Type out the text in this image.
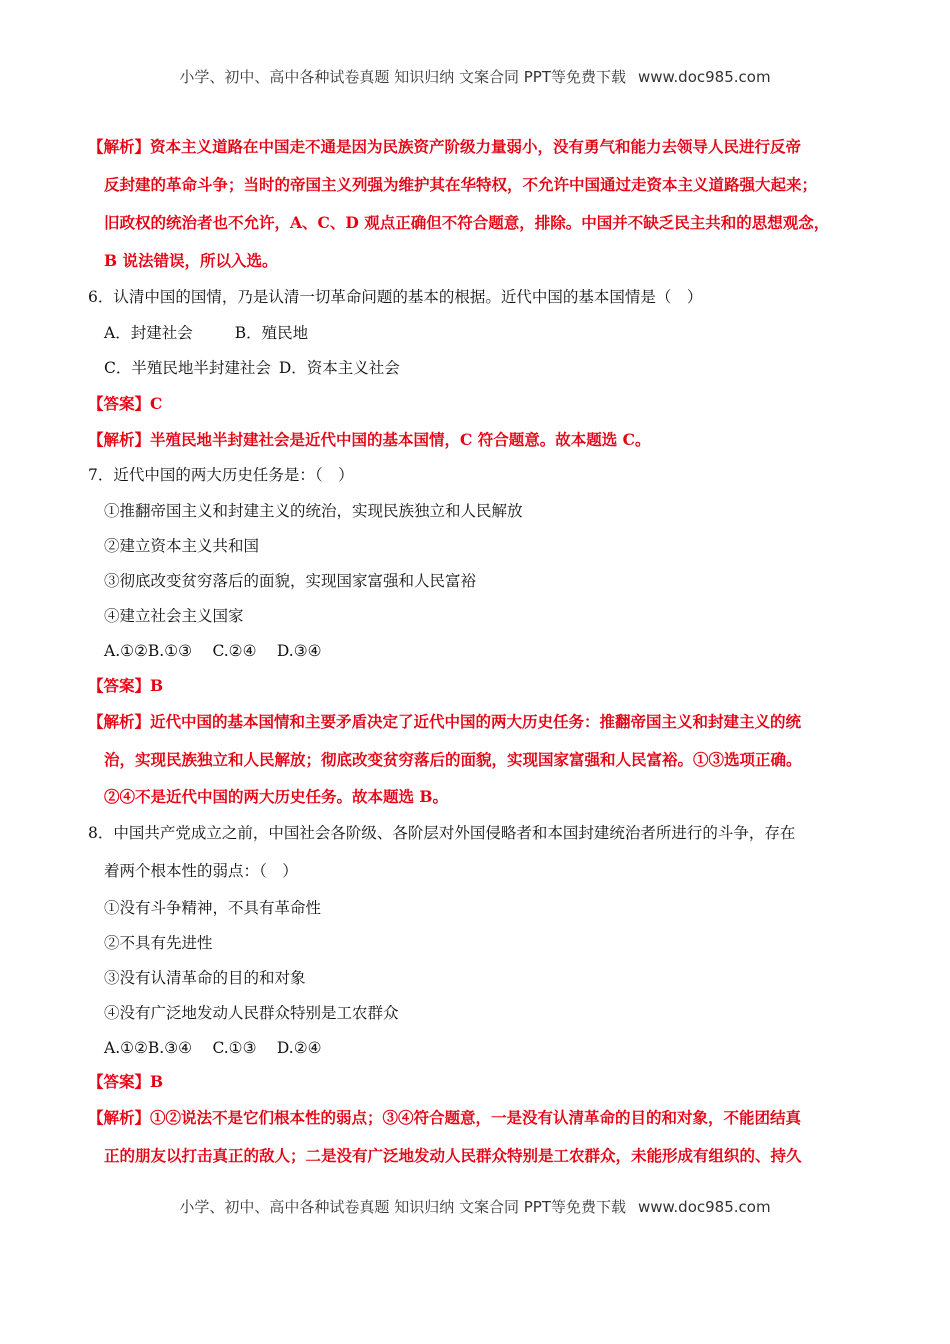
小学、初中、高中各种试卷真题 知识归纳 文案合同 PPT等免费下载 www.doc985.com
【解析】资本主义道路在中国走不通是因为民族资产阶级力量弱小，没有勇气和能力去领导人民进行反帝
反封建的革命斗争；当时的帝国主义列强为维护其在华特权，不允许中国通过走资本主义道路强大起来；
旧政权的统治者也不允许，A、C、D 观点正确但不符合题意，排除。中国并不缺乏民主共和的思想观念，
B 说法错误，所以入选。
6．认清中国的国情，乃是认清一切革命问题的基本的根据。近代中国的基本国情是（　）
A．封建社会	B．殖民地
C．半殖民地半封建社会 D．资本主义社会
【答案】C
【解析】半殖民地半封建社会是近代中国的基本国情，C 符合题意。故本题选 C。
7．近代中国的两大历史任务是：（　）
①推翻帝国主义和封建主义的统治，实现民族独立和人民解放
②建立资本主义共和国
③彻底改变贫穷落后的面貌，实现国家富强和人民富裕
④建立社会主义国家
A.①②B.①③　 C.②④　 D.③④
【答案】B
【解析】近代中国的基本国情和主要矛盾决定了近代中国的两大历史任务：推翻帝国主义和封建主义的统
治，实现民族独立和人民解放；彻底改变贫穷落后的面貌，实现国家富强和人民富裕。①③选项正确。
②④不是近代中国的两大历史任务。故本题选 B。
8．中国共产党成立之前，中国社会各阶级、各阶层对外国侵略者和本国封建统治者所进行的斗争，存在
着两个根本性的弱点：（　）
①没有斗争精神，不具有革命性
②不具有先进性
③没有认清革命的目的和对象
④没有广泛地发动人民群众特别是工农群众
A.①②B.③④　 C.①③　 D.②④
【答案】B
【解析】①②说法不是它们根本性的弱点；③④符合题意，一是没有认清革命的目的和对象，不能团结真
正的朋友以打击真正的敌人；二是没有广泛地发动人民群众特别是工农群众，未能形成有组织的、持久
小学、初中、高中各种试卷真题 知识归纳 文案合同 PPT等免费下载 www.doc985.com
